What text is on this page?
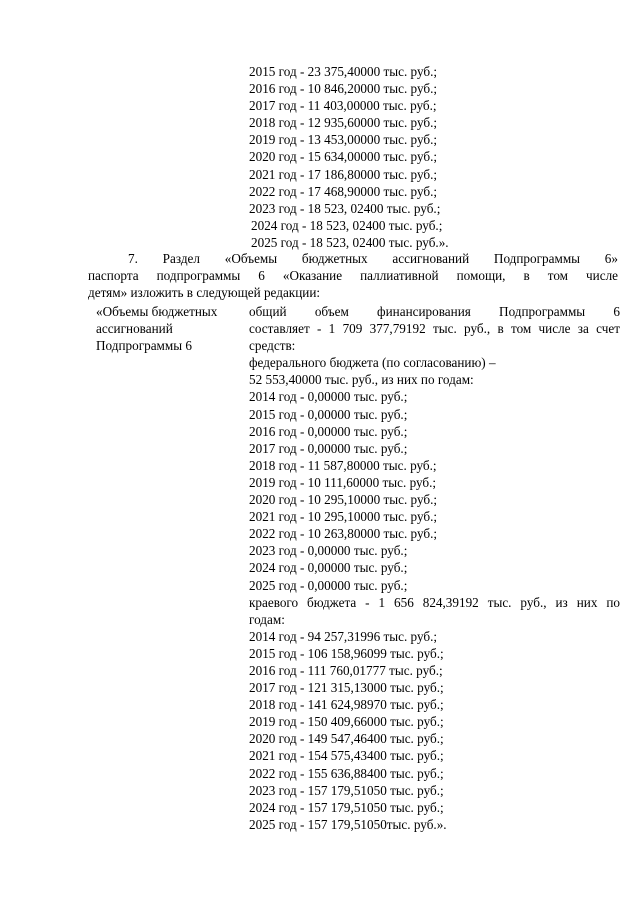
2015 год - 23 375,40000 тыс. руб.;
2016 год - 10 846,20000 тыс. руб.;
2017 год - 11 403,00000 тыс. руб.;
2018 год - 12 935,60000 тыс. руб.;
2019 год - 13 453,00000 тыс. руб.;
2020 год - 15 634,00000 тыс. руб.;
2021 год - 17 186,80000 тыс. руб.;
2022 год - 17 468,90000 тыс. руб.;
2023 год - 18 523, 02400 тыс. руб.;
2024 год - 18 523, 02400 тыс. руб.;
2025 год - 18 523, 02400 тыс. руб.».
7. Раздел «Объемы бюджетных ассигнований Подпрограммы 6»
паспорта подпрограммы 6 «Оказание паллиативной помощи, в том числе
детям» изложить в следующей редакции:
«Объемы бюджетных
ассигнований
Подпрограммы 6
общий объем финансирования Подпрограммы 6
составляет - 1 709 377,79192 тыс. руб., в том числе за счет
средств:
федерального бюджета (по согласованию) –
52 553,40000 тыс. руб., из них по годам:
2014 год - 0,00000 тыс. руб.;
2015 год - 0,00000 тыс. руб.;
2016 год - 0,00000 тыс. руб.;
2017 год - 0,00000 тыс. руб.;
2018 год - 11 587,80000 тыс. руб.;
2019 год - 10 111,60000 тыс. руб.;
2020 год - 10 295,10000 тыс. руб.;
2021 год - 10 295,10000 тыс. руб.;
2022 год - 10 263,80000 тыс. руб.;
2023 год - 0,00000 тыс. руб.;
2024 год - 0,00000 тыс. руб.;
2025 год - 0,00000 тыс. руб.;
краевого бюджета - 1 656 824,39192 тыс. руб., из них по
годам:
2014 год - 94 257,31996 тыс. руб.;
2015 год - 106 158,96099 тыс. руб.;
2016 год - 111 760,01777 тыс. руб.;
2017 год - 121 315,13000 тыс. руб.;
2018 год - 141 624,98970 тыс. руб.;
2019 год - 150 409,66000 тыс. руб.;
2020 год - 149 547,46400 тыс. руб.;
2021 год - 154 575,43400 тыс. руб.;
2022 год - 155 636,88400 тыс. руб.;
2023 год - 157 179,51050 тыс. руб.;
2024 год - 157 179,51050 тыс. руб.;
2025 год - 157 179,51050тыс. руб.».
